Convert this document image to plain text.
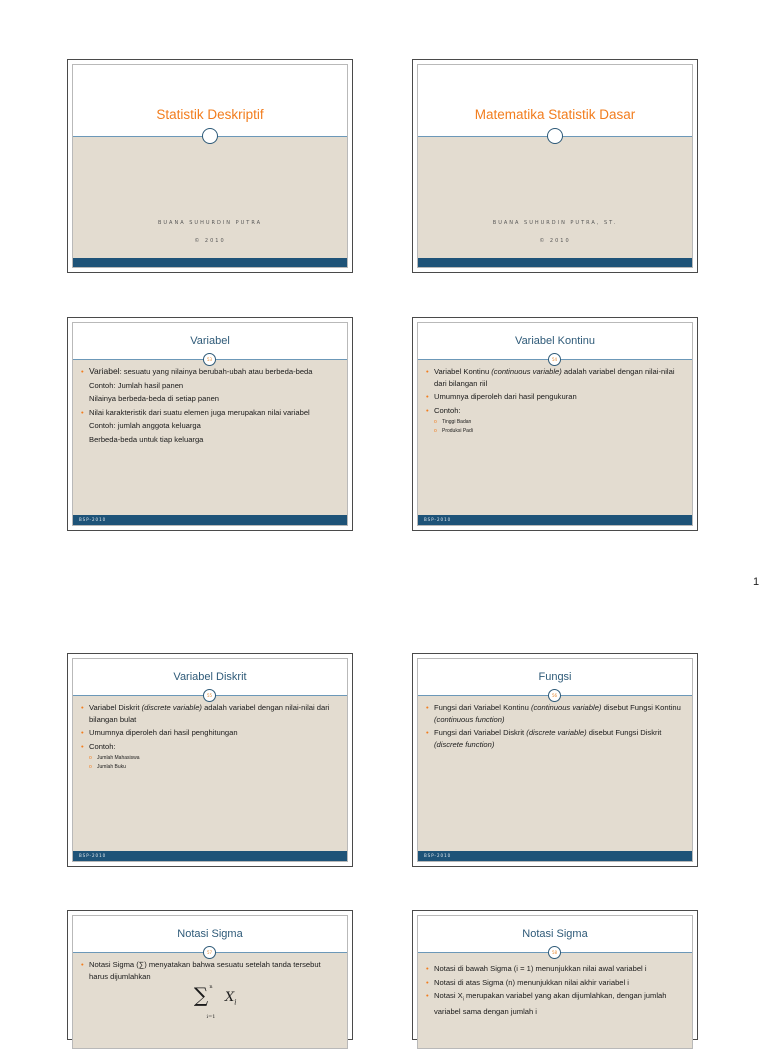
Statistik Deskriptif
BUANA SUHURDIN PUTRA
© 2010
Matematika Statistik Dasar
BUANA SUHURDIN PUTRA, ST.
© 2010
Variabel
• Variabel: sesuatu yang nilainya berubah-ubah atau berbeda-beda
Contoh: Jumlah hasil panen
Nilainya berbeda-beda di setiap panen
• Nilai karakteristik dari suatu elemen juga merupakan nilai variabel
Contoh: jumlah anggota keluarga
Berbeda-beda untuk tiap keluarga
53
BSP-2010
Variabel Kontinu
• Variabel Kontinu (continuous variable) adalah variabel dengan nilai-nilai dari bilangan riil
• Umumnya diperoleh dari hasil pengukuran
• Contoh:
o Tinggi Badan
o Produksi Padi
54
BSP-2010
1
Variabel Diskrit
• Variabel Diskrit (discrete variable) adalah variabel dengan nilai-nilai dari bilangan bulat
• Umumnya diperoleh dari hasil penghitungan
• Contoh:
o Jumlah Mahasiswa
o Jumlah Buku
55
BSP-2010
Fungsi
• Fungsi dari Variabel Kontinu (continuous variable) disebut Fungsi Kontinu (continuous function)
• Fungsi dari Variabel Diskrit (discrete variable) disebut Fungsi Diskrit (discrete function)
56
BSP-2010
Notasi Sigma
• Notasi Sigma (∑) menyatakan bahwa sesuatu setelah tanda tersebut harus dijumlahkan
n
∑	$X_i$
i=1
57
Notasi Sigma
• Notasi di bawah Sigma (i = 1) menunjukkan nilai awal variabel i
• Notasi di atas Sigma (n) menunjukkan nilai akhir variabel i
• Notasi $X_i$ merupakan variabel yang akan dijumlahkan, dengan jumlah variabel sama dengan jumlah i
58
